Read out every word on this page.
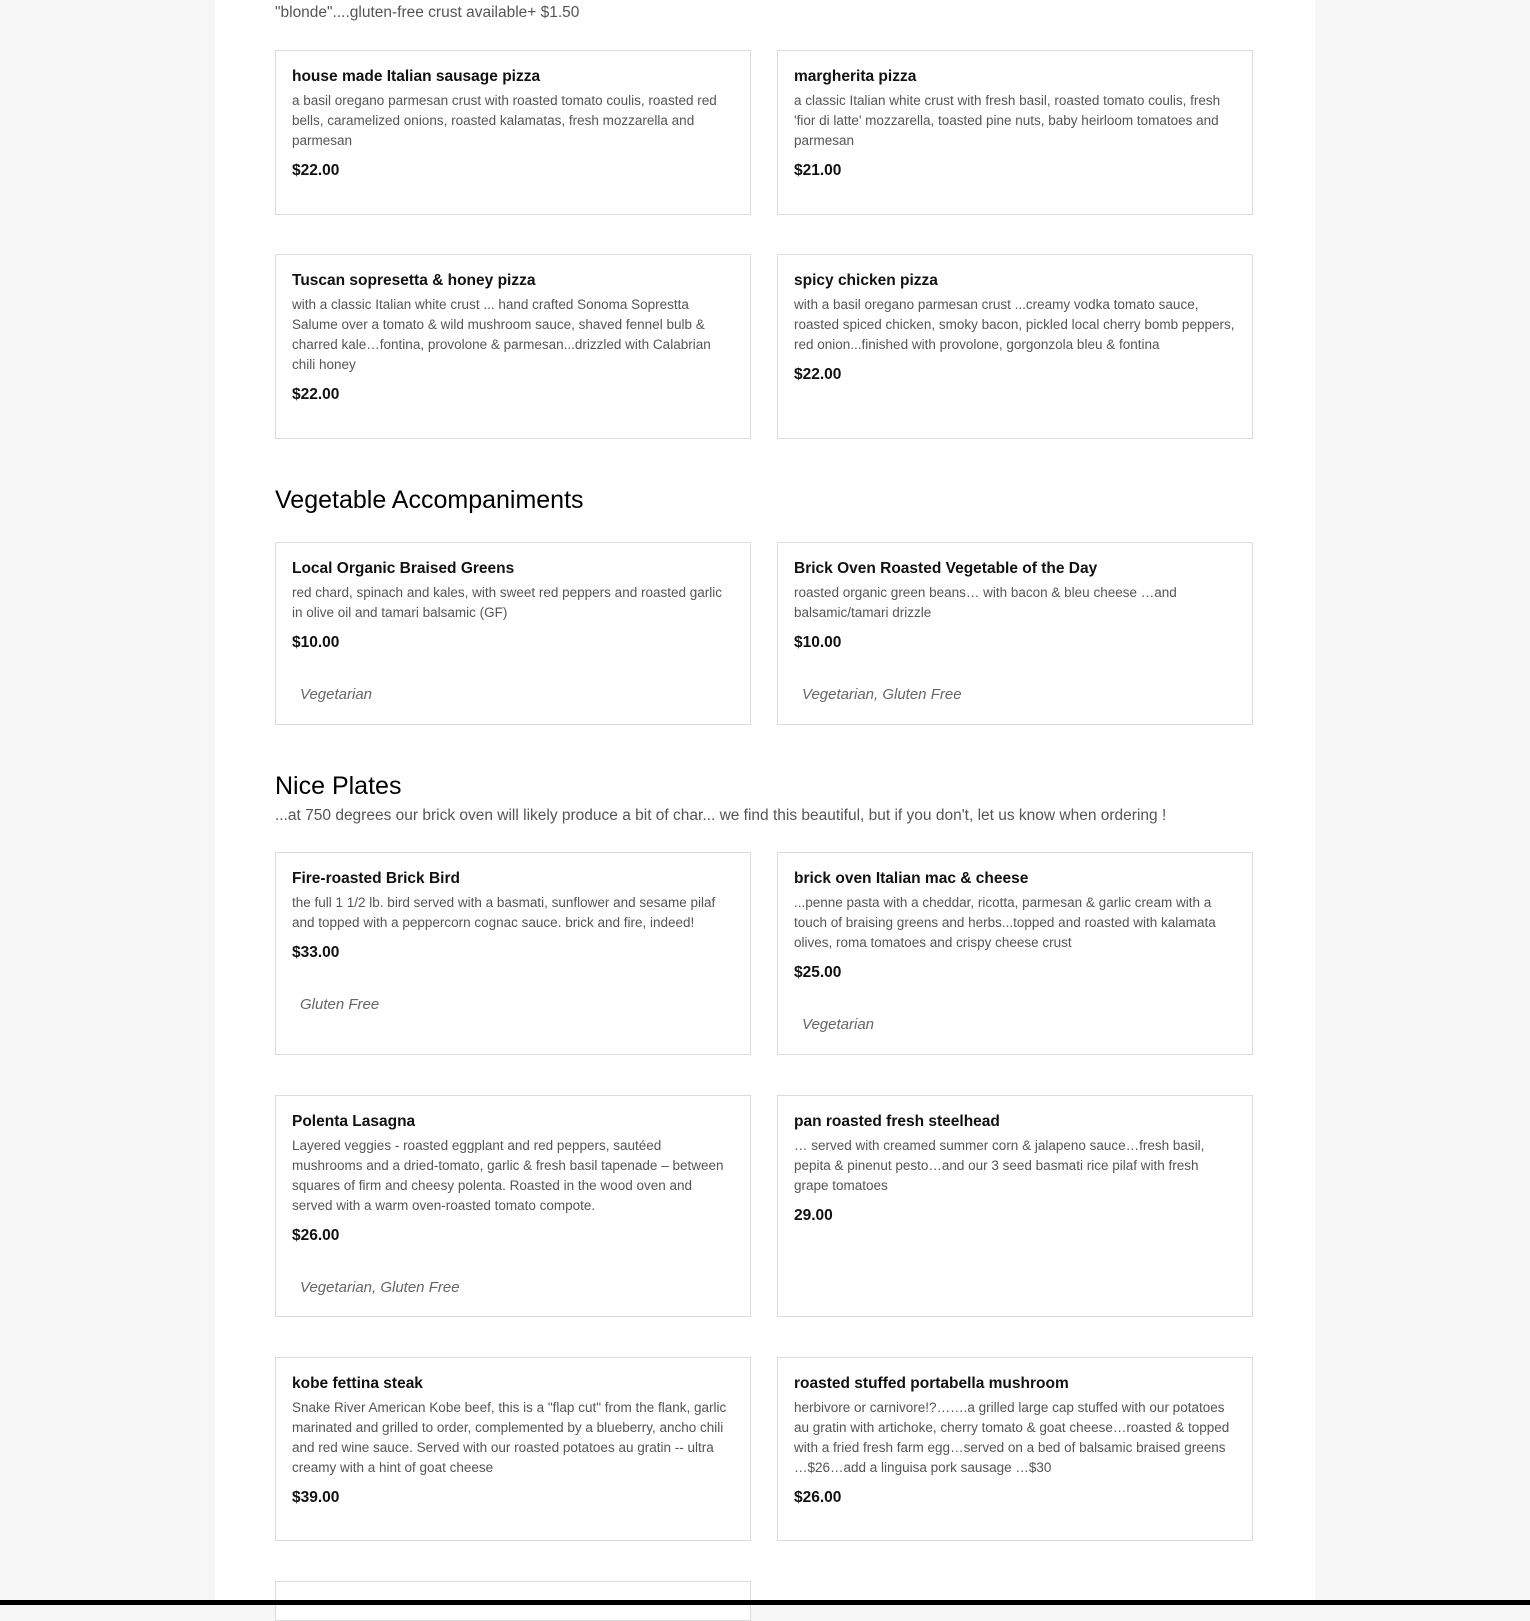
"blonde"....gluten-free crust available+ $1.50
house made Italian sausage pizza
a basil oregano parmesan crust with roasted tomato coulis, roasted red bells, caramelized onions, roasted kalamatas, fresh mozzarella and parmesan
$22.00
margherita pizza
a classic Italian white crust with fresh basil, roasted tomato coulis, fresh 'fior di latte' mozzarella, toasted pine nuts, baby heirloom tomatoes and parmesan
$21.00
Tuscan sopresetta & honey pizza
with a classic Italian white crust ... hand crafted Sonoma Soprestta Salume over a tomato & wild mushroom sauce, shaved fennel bulb & charred kale…fontina, provolone & parmesan...drizzled with Calabrian chili honey
$22.00
spicy chicken pizza
with a basil oregano parmesan crust ...creamy vodka tomato sauce, roasted spiced chicken, smoky bacon, pickled local cherry bomb peppers, red onion...finished with provolone, gorgonzola bleu & fontina
$22.00
Vegetable Accompaniments
Local Organic Braised Greens
red chard, spinach and kales, with sweet red peppers and roasted garlic in olive oil and tamari balsamic (GF)
$10.00
Vegetarian
Brick Oven Roasted Vegetable of the Day
roasted organic green beans… with bacon & bleu cheese …and balsamic/tamari drizzle
$10.00
Vegetarian, Gluten Free
Nice Plates
...at 750 degrees our brick oven will likely produce a bit of char... we find this beautiful, but if you don't, let us know when ordering !
Fire-roasted Brick Bird
the full 1 1/2 lb. bird served with a basmati, sunflower and sesame pilaf and topped with a peppercorn cognac sauce. brick and fire, indeed!
$33.00
Gluten Free
brick oven Italian mac & cheese
...penne pasta with a cheddar, ricotta, parmesan & garlic cream with a touch of braising greens and herbs...topped and roasted with kalamata olives, roma tomatoes and crispy cheese crust
$25.00
Vegetarian
Polenta Lasagna
Layered veggies - roasted eggplant and red peppers, sautéed mushrooms and a dried-tomato, garlic & fresh basil tapenade – between squares of firm and cheesy polenta. Roasted in the wood oven and served with a warm oven-roasted tomato compote.
$26.00
Vegetarian, Gluten Free
pan roasted fresh steelhead
… served with creamed summer corn & jalapeno sauce…fresh basil, pepita & pinenut pesto…and our 3 seed basmati rice pilaf with fresh grape tomatoes
29.00
kobe fettina steak
Snake River American Kobe beef, this is a "flap cut" from the flank, garlic marinated and grilled to order, complemented by a blueberry, ancho chili and red wine sauce. Served with our roasted potatoes au gratin -- ultra creamy with a hint of goat cheese
$39.00
roasted stuffed portabella mushroom
herbivore or carnivore!?…….a grilled large cap stuffed with our potatoes au gratin with artichoke, cherry tomato & goat cheese…roasted & topped with a fried fresh farm egg…served on a bed of balsamic braised greens …$26…add a linguisa pork sausage …$30
$26.00
